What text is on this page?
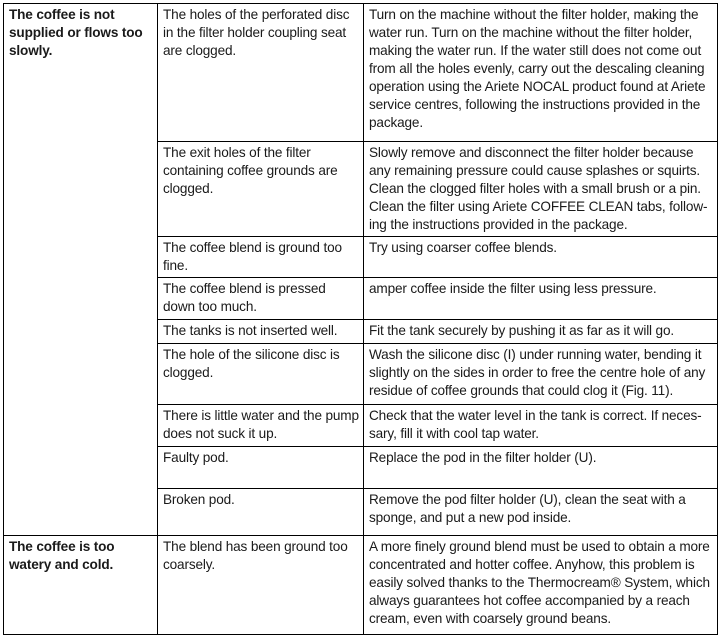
The coffee is not supplied or flows too slowly.	The holes of the perforated disc in the filter holder coupling seat are clogged.	Turn on the machine without the filter holder, making the water run. Turn on the machine without the filter holder, making the water run. If the water still does not come out from all the holes evenly, carry out the descaling cleaning operation using the Ariete NOCAL product found at Ariete service centres, following the instructions provided in the package.
	The exit holes of the filter containing coffee grounds are clogged.	Slowly remove and disconnect the filter holder because any remaining pressure could cause splashes or squirts. Clean the clogged filter holes with a small brush or a pin. Clean the filter using Ariete COFFEE CLEAN tabs, follow-ing the instructions provided in the package.
	The coffee blend is ground too fine.	Try using coarser coffee blends.
	The coffee blend is pressed down too much.	amper coffee inside the filter using less pressure.
	The tanks is not inserted well.	Fit the tank securely by pushing it as far as it will go.
	The hole of the silicone disc is clogged.	Wash the silicone disc (I) under running water, bending it slightly on the sides in order to free the centre hole of any residue of coffee grounds that could clog it (Fig. 11).
	There is little water and the pump does not suck it up.	Check that the water level in the tank is correct. If neces-sary, fill it with cool tap water.
	Faulty pod.	Replace the pod in the filter holder (U).
	Broken pod.	Remove the pod filter holder (U), clean the seat with a sponge, and put a new pod inside.
The coffee is too watery and cold.	The blend has been ground too coarsely.	A more finely ground blend must be used to obtain a more concentrated and hotter coffee. Anyhow, this problem is easily solved thanks to the Thermocream® System, which always guarantees hot coffee accompanied by a reach cream, even with coarsely ground beans.
